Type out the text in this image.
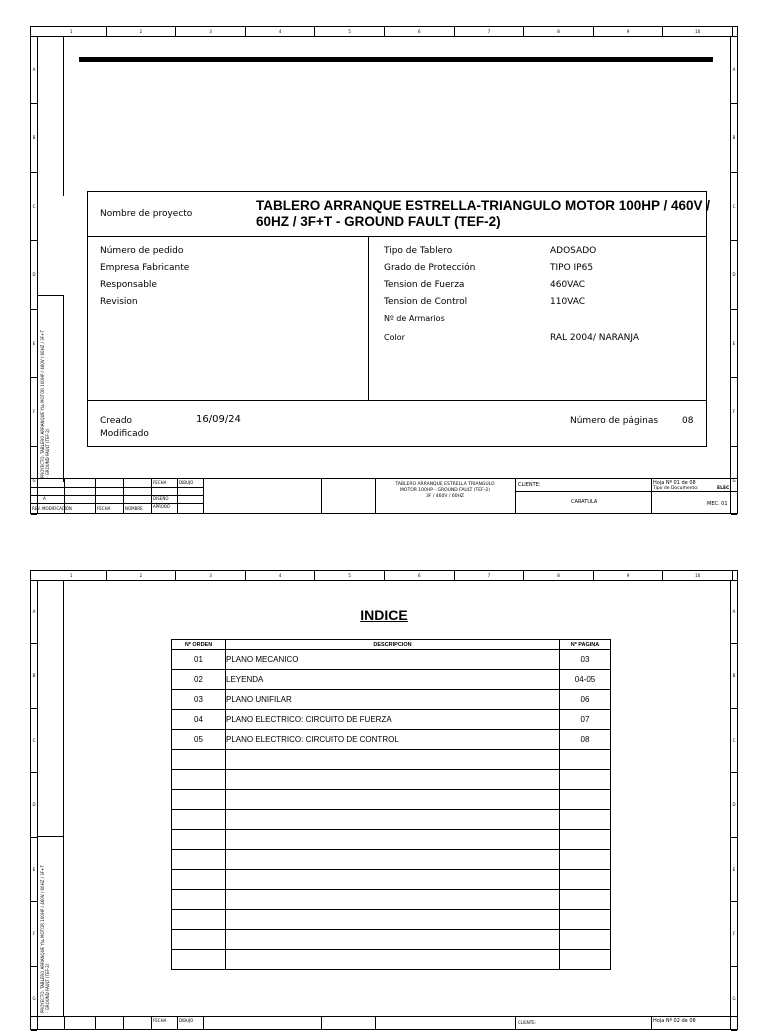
1	2	3	4	5	6	7	8	9	10
A
B
C
D
E
F
G
A
B
C
D
E
F
G
PROYECTO: TABLERO ARRANQUE Y/∆ MOTOR 100HP / 460V / 60HZ / 3F+T - GROUND FAULT (TEF-2)
Nombre de proyecto
TABLERO ARRANQUE ESTRELLA-TRIANGULO MOTOR 100HP / 460V /
60HZ / 3F+T - GROUND FAULT (TEF-2)
Número de pedido
Empresa Fabricante
Responsable
Revision
Tipo de Tablero	ADOSADO
Grado de Protección	TIPO IP65
Tension de Fuerza	460VAC
Tension de Control	110VAC
Nº de Armarios
Color	RAL 2004/ NARANJA
Creado	16/09/24
Modificado
Número de páginas	08
FECHA	DIBUJO
DISEÑO
APROBÓ
A
REV. MODIFICACIÓN	FECHA	NOMBRE
TABLERO ARRANQUE ESTRELLA TRIANGULO
MOTOR 100HP - GROUND FAULT (TEF-2)
3F / 460V / 60HZ
CLIENTE:
CARATULA
Hoja Nº 01 de 08
Tipo de Documento:	ELEC
MEC. 01
1	2	3	4	5	6	7	8	9	10
A
B
C
D
E
F
G
A
B
C
D
E
F
G
PROYECTO: TABLERO ARRANQUE Y/∆ MOTOR 100HP / 460V / 60HZ / 3F+T - GROUND FAULT (TEF-2)
INDICE
Nº ORDEN	DESCRIPCION	Nº PAGINA
01	PLANO MECANICO	03
02	LEYENDA	04-05
03	PLANO UNIFILAR	06
04	PLANO ELECTRICO: CIRCUITO DE FUERZA	07
05	PLANO ELECTRICO: CIRCUITO DE CONTROL	08

FECHA	DIBUJO	CLIENTE:	Hoja Nº 02 de 08
